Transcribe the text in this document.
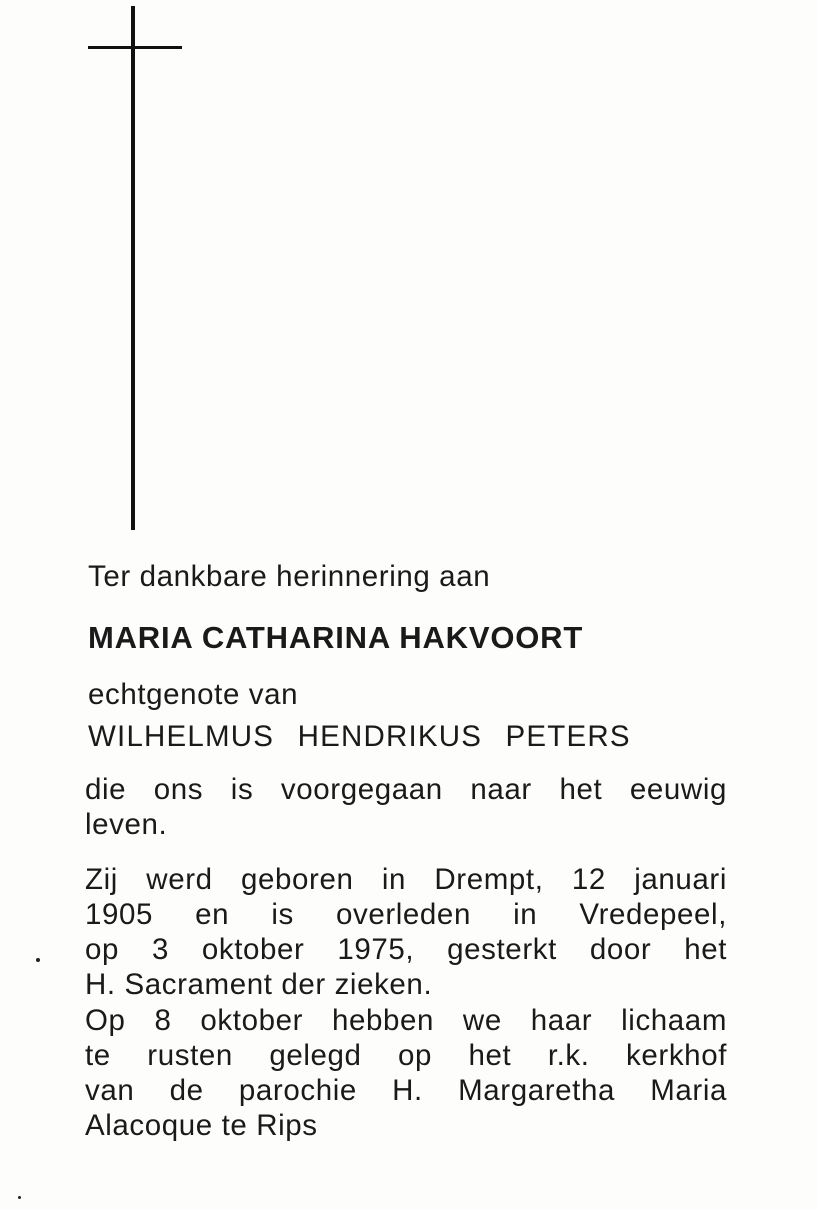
Ter dankbare herinnering aan
MARIA CATHARINA HAKVOORT
echtgenote van
WILHELMUS HENDRIKUS PETERS
die ons is voorgegaan naar het eeuwig
leven.
Zij werd geboren in Drempt, 12 januari
1905 en is overleden in Vredepeel,
op 3 oktober 1975, gesterkt door het
H. Sacrament der zieken.
Op 8 oktober hebben we haar lichaam
te rusten gelegd op het r.k. kerkhof
van de parochie H. Margaretha Maria
Alacoque te Rips
